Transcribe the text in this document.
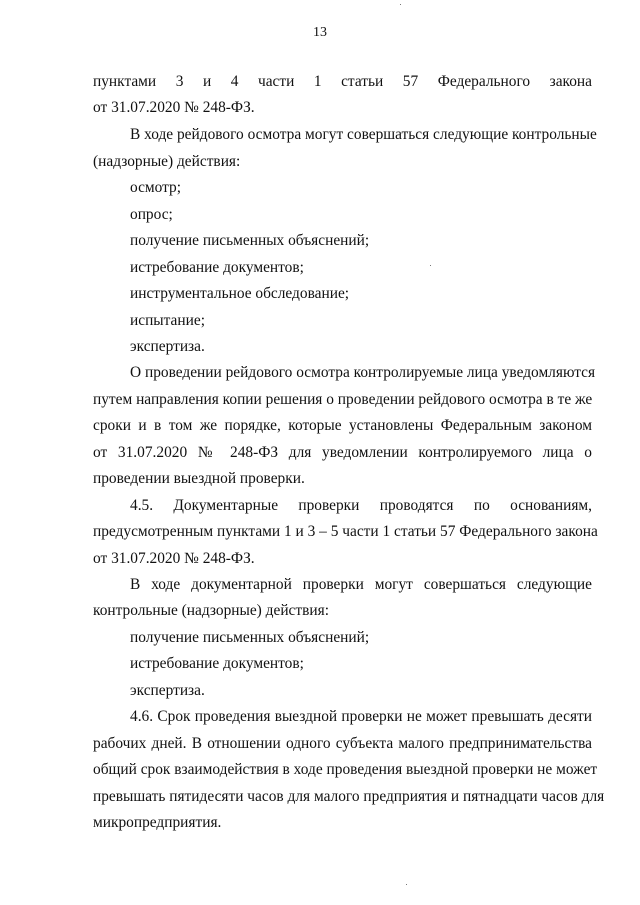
13
пунктами 3 и 4 части 1 статьи 57 Федерального закона
от 31.07.2020 № 248-ФЗ.
В ходе рейдового осмотра могут совершаться следующие контрольные
(надзорные) действия:
осмотр;
опрос;
получение письменных объяснений;
истребование документов;
инструментальное обследование;
испытание;
экспертиза.
О проведении рейдового осмотра контролируемые лица уведомляются
путем направления копии решения о проведении рейдового осмотра в те же
сроки и в том же порядке, которые установлены Федеральным законом
от 31.07.2020 № 248-ФЗ для уведомлении контролируемого лица о
проведении выездной проверки.
4.5. Документарные проверки проводятся по основаниям,
предусмотренным пунктами 1 и 3 – 5 части 1 статьи 57 Федерального закона
от 31.07.2020 № 248-ФЗ.
В ходе документарной проверки могут совершаться следующие
контрольные (надзорные) действия:
получение письменных объяснений;
истребование документов;
экспертиза.
4.6. Срок проведения выездной проверки не может превышать десяти
рабочих дней. В отношении одного субъекта малого предпринимательства
общий срок взаимодействия в ходе проведения выездной проверки не может
превышать пятидесяти часов для малого предприятия и пятнадцати часов для
микропредприятия.
